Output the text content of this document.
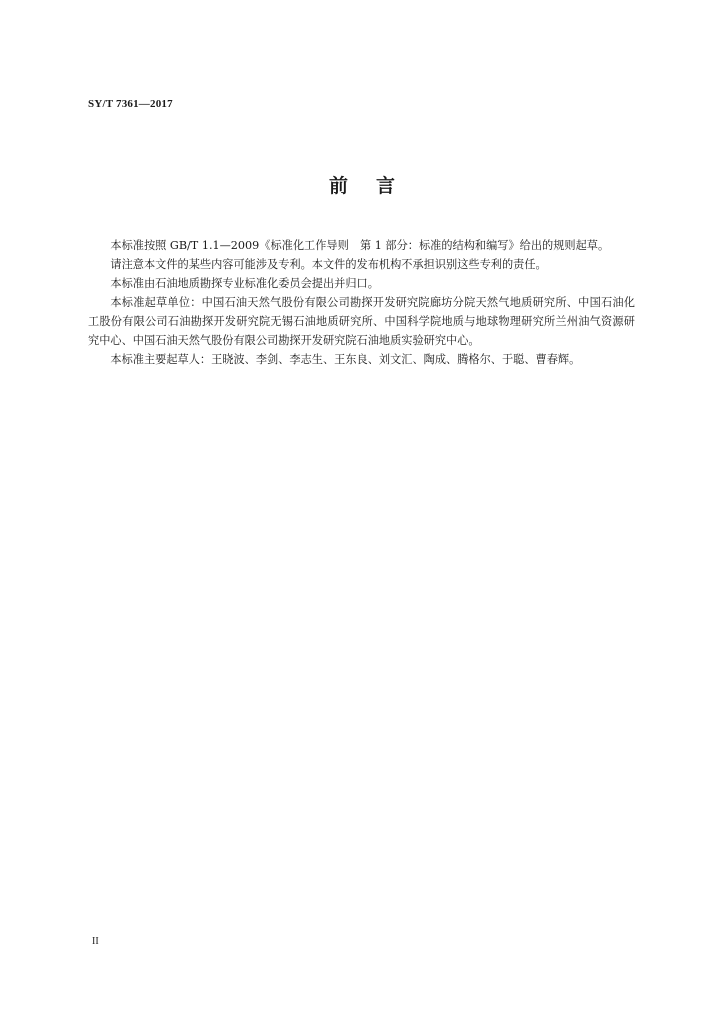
SY/T 7361—2017
前言

本标准按照 GB/T 1.1—2009《标准化工作导则　第 1 部分：标准的结构和编写》给出的规则起草。

请注意本文件的某些内容可能涉及专利。本文件的发布机构不承担识别这些专利的责任。

本标准由石油地质勘探专业标准化委员会提出并归口。

本标准起草单位：中国石油天然气股份有限公司勘探开发研究院廊坊分院天然气地质研究所、中国石油化工股份有限公司石油勘探开发研究院无锡石油地质研究所、中国科学院地质与地球物理研究所兰州油气资源研究中心、中国石油天然气股份有限公司勘探开发研究院石油地质实验研究中心。

本标准主要起草人：王晓波、李剑、李志生、王东良、刘文汇、陶成、腾格尔、于聪、曹春辉。

II
